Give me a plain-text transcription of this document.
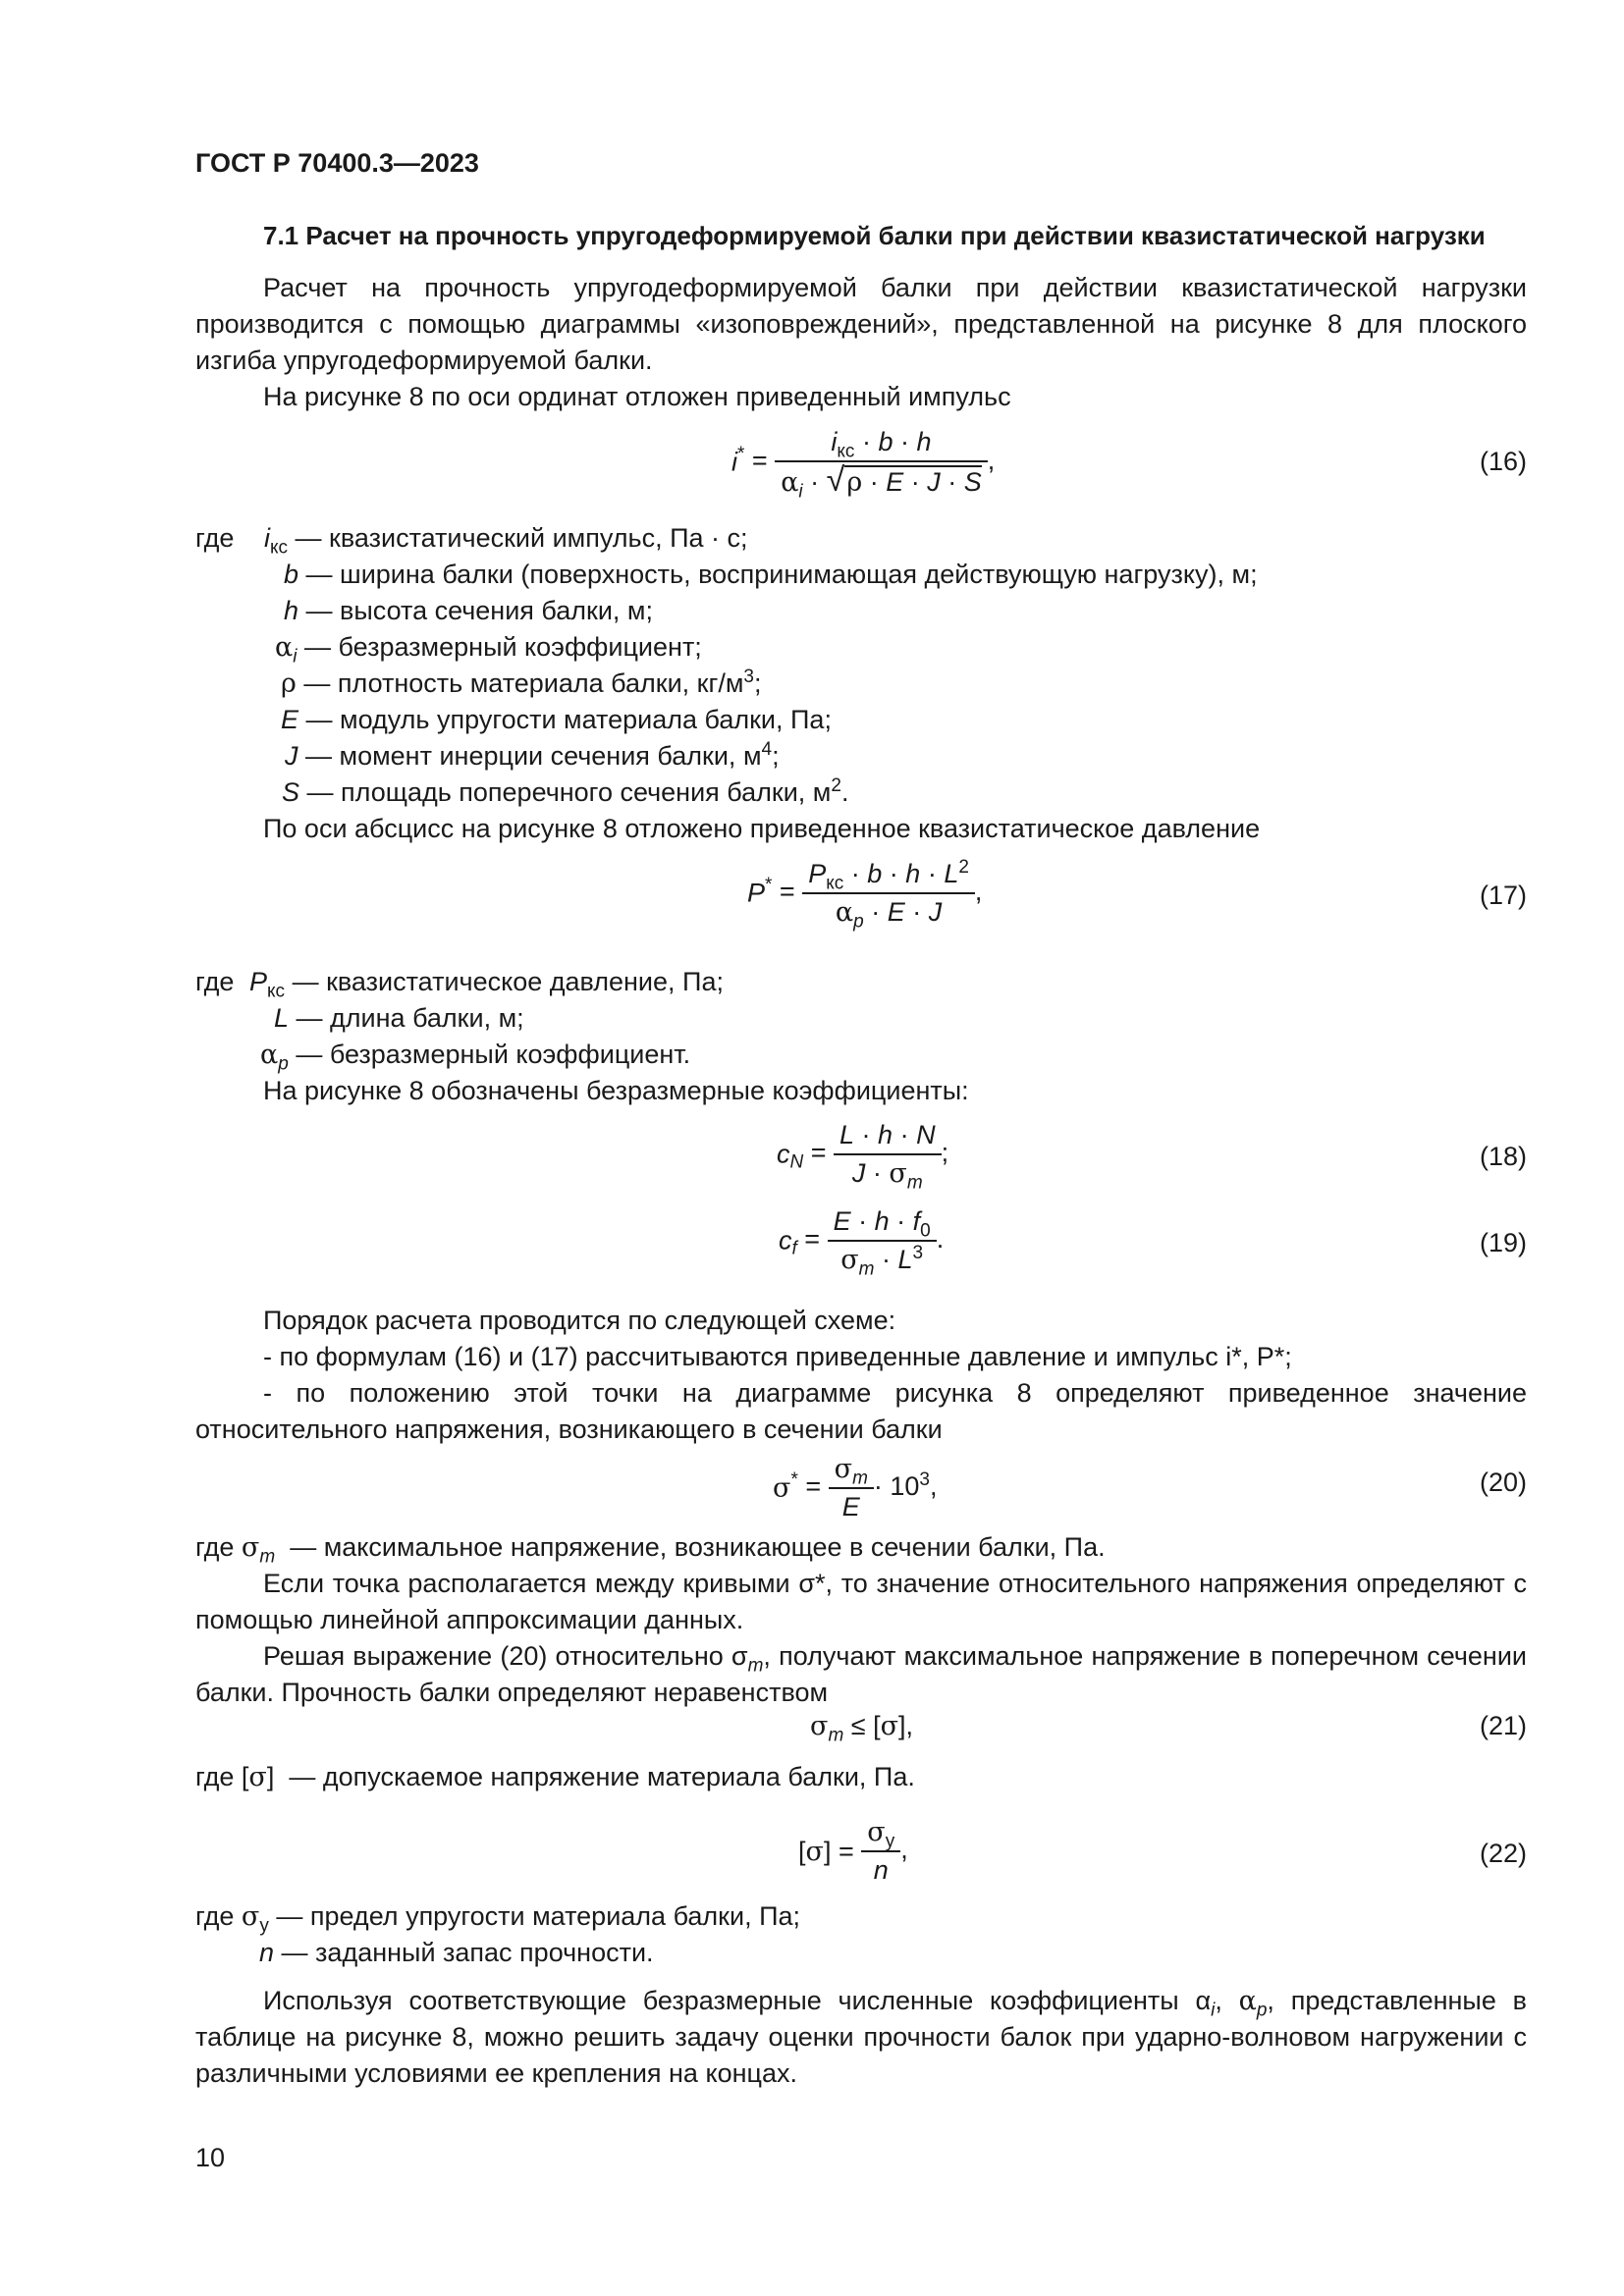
ГОСТ Р 70400.3—2023
7.1 Расчет на прочность упругодеформируемой балки при действии квазистатической нагрузки

Расчет на прочность упругодеформируемой балки при действии квазистатической нагрузки производится с помощью диаграммы «изоповреждений», представленной на рисунке 8 для плоского изгиба упругодеформируемой балки.

На рисунке 8 по оси ординат отложен приведенный импульс

$i^* = \frac{i_{кс} \cdot b \cdot h}{\alpha_i \cdot √\rho \cdot E \cdot J \cdot S}$ ,	(16)
где $i_{кс}$ — квазистатический импульс, Па · с;
b — ширина балки (поверхность, воспринимающая действующую нагрузку), м;
h — высота сечения балки, м;
$\alpha_i$ — безразмерный коэффициент;
ρ — плотность материала балки, $кг/м^3$;
E — модуль упругости материала балки, Па;
J — момент инерции сечения балки, $м^4$;
S — площадь поперечного сечения балки, $м^2$.

По оси абсцисс на рисунке 8 отложено приведенное квазистатическое давление

$P^* = \frac{P_{кс} \cdot b \cdot h \cdot L^2}{\alpha_p \cdot E \cdot J}$ ,	(17)
где $P_{кс}$ — квазистатическое давление, Па;
L — длина балки, м;
$\alpha_p$ — безразмерный коэффициент.

На рисунке 8 обозначены безразмерные коэффициенты:

$c_N = \frac{L \cdot h \cdot N}{J \cdot \sigma_m}$ ;	(18)
$c_f = \frac{E \cdot h \cdot f_0}{\sigma_m \cdot L^3}$ .	(19)

Порядок расчета проводится по следующей схеме:

- по формулам (16) и (17) рассчитываются приведенные давление и импульс i*, P*;

- по положению этой точки на диаграмме рисунка 8 определяют приведенное значение относительного напряжения, возникающего в сечении балки

$\sigma^* = \frac{\sigma_m}{E} \cdot 10^3$,	(20)
где $\sigma_m$ — максимальное напряжение, возникающее в сечении балки, Па.

Если точка располагается между кривыми σ*, то значение относительного напряжения определяют с помощью линейной аппроксимации данных.

Решая выражение (20) относительно $\sigma_m$, получают максимальное напряжение в поперечном сечении балки. Прочность балки определяют неравенством

$\sigma_m \le [\sigma]$,	(21)
где [σ]  — допускаемое напряжение материала балки, Па.
$[\sigma] = \frac{\sigma_y}{n}$ ,	(22)
где $\sigma_y$ — предел упругости материала балки, Па;
n — заданный запас прочности.

Используя соответствующие безразмерные численные коэффициенты $\alpha_i$, $\alpha_p$, представленные в таблице на рисунке 8, можно решить задачу оценки прочности балок при ударно-волновом нагружении с различными условиями ее крепления на концах.

10
